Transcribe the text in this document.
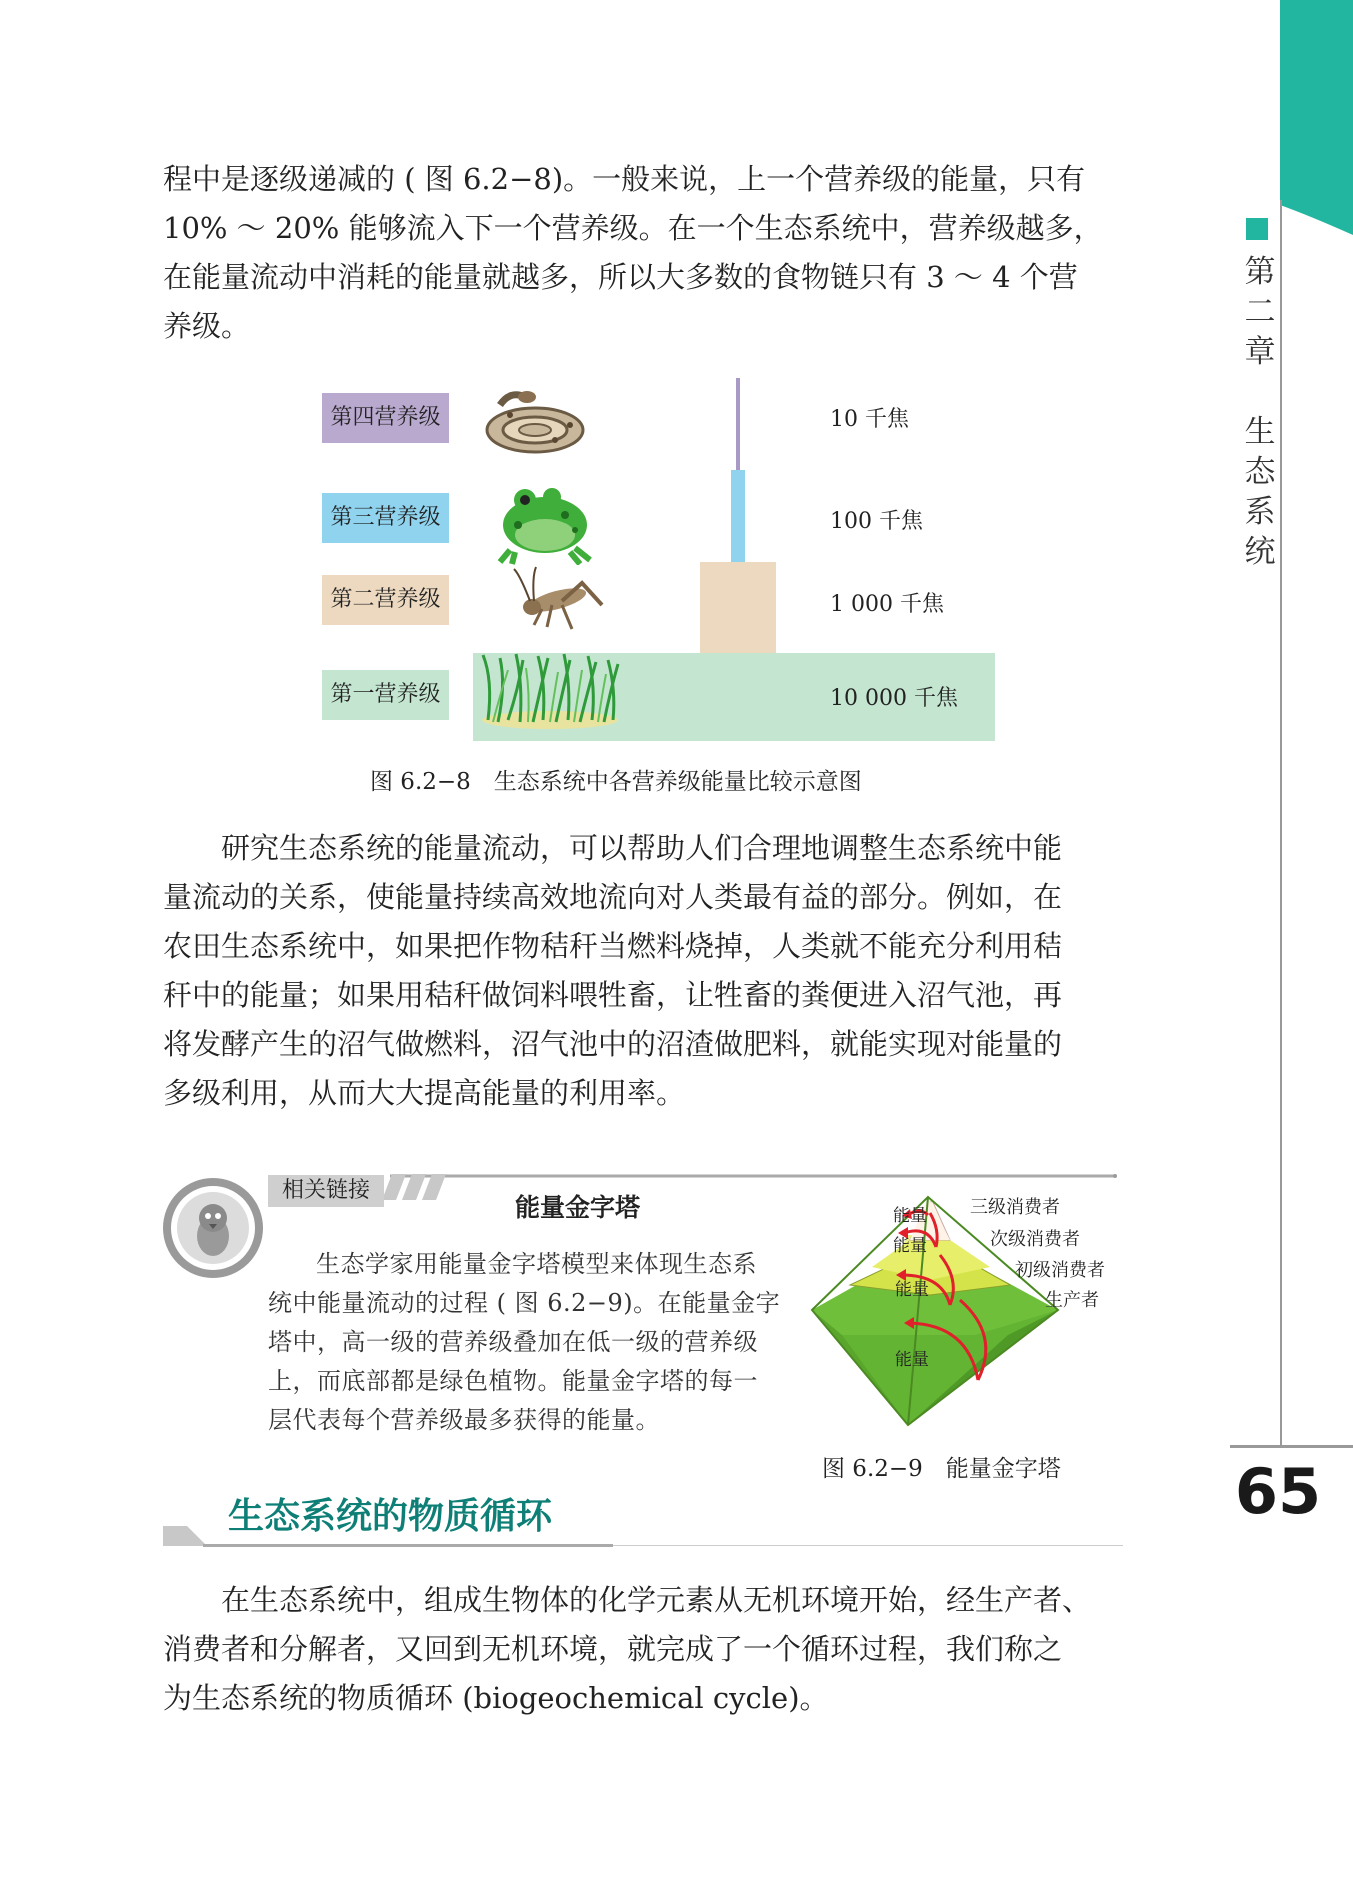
第
二
章

生
态
系
统
65

程中是逐级递减的 ( 图 6.2−8)。一般来说，上一个营养级的能量，只有

10% ～ 20% 能够流入下一个营养级。在一个生态系统中，营养级越多，

在能量流动中消耗的能量就越多，所以大多数的食物链只有 3 ～ 4 个营

养级。

第四营养级
第三营养级
第二营养级
第一营养级
10 千焦
100 千焦
1 000 千焦
10 000 千焦
图 6.2−8　生态系统中各营养级能量比较示意图

研究生态系统的能量流动，可以帮助人们合理地调整生态系统中能

量流动的关系，使能量持续高效地流向对人类最有益的部分。例如，在

农田生态系统中，如果把作物秸秆当燃料烧掉，人类就不能充分利用秸

秆中的能量；如果用秸秆做饲料喂牲畜，让牲畜的粪便进入沼气池，再

将发酵产生的沼气做燃料，沼气池中的沼渣做肥料，就能实现对能量的

多级利用，从而大大提高能量的利用率。

相关链接
能量金字塔

生态学家用能量金字塔模型来体现生态系

统中能量流动的过程 ( 图 6.2−9)。在能量金字

塔中，高一级的营养级叠加在低一级的营养级

上，而底部都是绿色植物。能量金字塔的每一

层代表每个营养级最多获得的能量。

能量
能量
能量
能量
三级消费者
次级消费者
初级消费者
生产者
图 6.2−9　能量金字塔
生态系统的物质循环

在生态系统中，组成生物体的化学元素从无机环境开始，经生产者、

消费者和分解者，又回到无机环境，就完成了一个循环过程，我们称之

为生态系统的物质循环 (biogeochemical cycle)。
